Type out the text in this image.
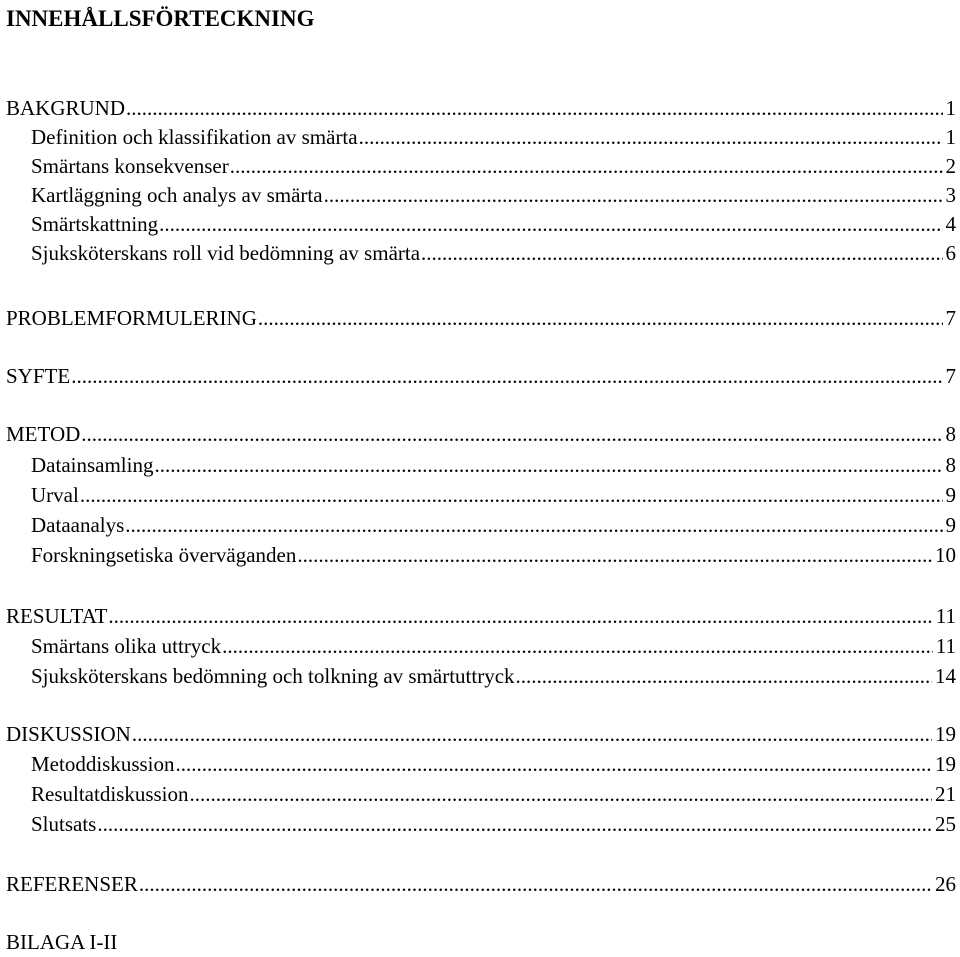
INNEHÅLLSFÖRTECKNING
BAKGRUND .....	1
Definition och klassifikation av smärta .....	1
Smärtans konsekvenser .....	2
Kartläggning och analys av smärta .....	3
Smärtskattning .....	4
Sjuksköterskans roll vid bedömning av smärta .....	6
PROBLEMFORMULERING .....	7
SYFTE .....	7
METOD .....	8
Datainsamling .....	8
Urval .....	9
Dataanalys .....	9
Forskningsetiska överväganden .....	10
RESULTAT .....	11
Smärtans olika uttryck .....	11
Sjuksköterskans bedömning och tolkning av smärtuttryck .....	14
DISKUSSION .....	19
Metoddiskussion .....	19
Resultatdiskussion .....	21
Slutsats .....	25
REFERENSER .....	26
BILAGA I-II
